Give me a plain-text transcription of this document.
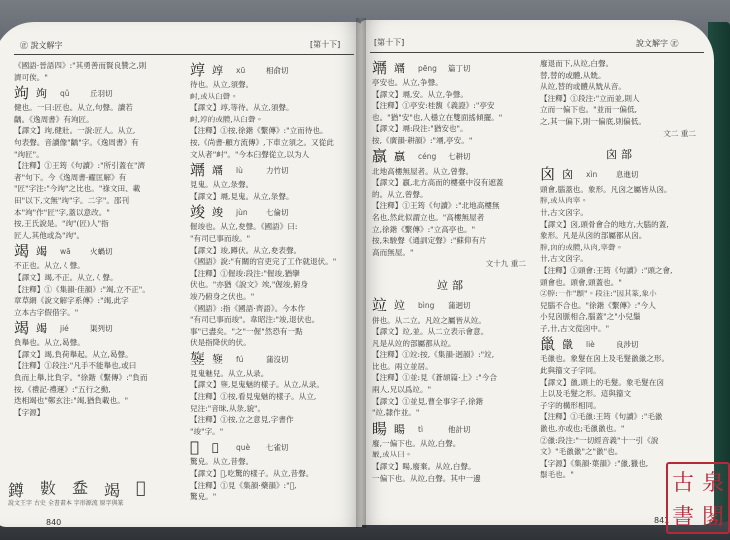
㊣ 說文解字	[第十下]

《國語·晉語四》:"其勇善而賢良贊之,則

濟可俟。"

竘 竘	qǔ	丘羽切

健也。一曰:匠也。从立,句聲。讀若

齲。《逸周書》有竘匠。

【譯文】竘,健壯。一說:匠人。从立,

句表聲。音讀像"齲"字。《逸周書》有

"竘匠"。

【注釋】①王筠《句讀》:"所引蓋在"濟

者"句下。今《逸周書·糴匡解》有

"匠"字注:"今竘"之比也。"祿文田、載

田"以下,文無"竘"字。二字"。邵刊

本"竘"作"匠"字,蓋以意改。"

按,王氏說是。"竘"(匠)人"指

匠人,其他或為"竘"。

竭 竭	wā	火蝸切

不正也。从立,𡿨聲。

【譯文】竭,不正。从立,𡿨聲。

【注釋】①《集韻·佳韻》:"竭,立不正"。

章草網《說文解字系傳》:"竭,此字

立本古字假借字。"

竭 竭	jié	渠列切

負舉也。从立,曷聲。

【譯文】竭,負荷舉起。从立,曷聲。

【注釋】①段注:"凡手不能舉也,或曰

負而上舉,比負字。"徐鍇《繫傳》:"負而

按,《禮記·禮運》:"五行之動,

迭相竭也"鄭玄注:"竭,猶負載也。"

【字源】

䇏 䇏	xū	相俞切

待也。从立,須聲。

𡬪,或从𦥑聲。

【譯文】䇏,等待。从立,須聲。

𡬪,䇏的或體,从𦥑聲。

【注釋】①按,徐鍇《繫傳》:"立而待也。

按,《尚書·顧方流傳》,下車立須之。又從此

文从者"𡬪"。"今本𦥑聲從立,以为人

竵 竵	lù	力竹切

見鬼。从立,彔聲。

【譯文】竵,見鬼。从立,彔聲。

竣 竣	jùn	七倫切

偓竣也。从立,夋聲。《國語》曰:

"有司已事而竣。"

【譯文】竣,蹲伏。从立,夋表聲。

《國語》說:"有關的官吏完了工作就退伏。"

【注釋】①偓竣:段注:"偓竣,猶攣

伏也。"亦猶《說文》竢,"偓竣,俯身

竣乃俯身之伏也。"

《國語》:指《國語·齊語》。今本作

"有司已事而竣"。韋昭注:"竣,退伏也。

事"已盡矣。"之"一偓"然恐有一點

伏是指降伏的伏。

𥪱 𥪱	fú	蒲沒切

見鬼魅兒。从立,从录。

【譯文】𥪱,見鬼魅的樣子。从立,从录。

【注釋】①按,看見鬼魅的樣子。从立,

兒注:"音昧,从彔,貌"。

【注釋】①按,立之意見,字書作

"竣"字。"

𥪸	𥪸	què	七雀切

驚皃。从立,昔聲。

【譯文】𥪸,吃驚的樣子。从立,昔聲。

【注釋】①見《集韻·藥韻》:"𥪸,

驚皃。"

鐏 𢿙 𥁢 竭 𥪸
說文王字 古史 全書畫本 字形源流 原字與篆
840
[第十下]	說文解字 ㊣
竵 竵	pēng	篇丁切

亭安也。从立,争聲。

【譯文】竵,安。从立,争聲。

【注釋】①亭安:桂馥《義證》:"亭安

也。"猶"安"也,人穩立在雙面搖傾擺。"

【譯文】竵:段注:"猶安也"。

按,《廣韻·耕韻》:"竵,亭安。"

䇔 䇔	céng	七耕切

北地高樓無屋者。从立,曾聲。

【譯文】䇔,北方高而的樓臺中沒有遮蓋

的。从立,曾聲。

【注釋】①王筠《句讀》:"北地高樓無

名也,然此似謂立也。"高樓無屋者

立,徐鍇《繫傳》:"立高亭也。"

按,朱駿聲《通訓定聲》:"蘇仰有片

高而無屋。"

文十九 重二

竝部
竝 竝	bìng	蒲迥切

併也。从二立。凡竝之屬皆从竝。

【譯文】竝,並。从二立表示會意。

凡是从竝的部屬都从竝。

【注釋】①竝:按,《集韻·迥韻》:"竝,

比也。兩立並居。

【注釋】①並:見《蒼頡篇·上》:"今合

兩人,兄以爲竝。"

【譯文】①並見,曹全事字子,徐鍇

"竝,隸作並。"

䁑 䁑	tì	他計切

廢,一偏下也。从竝,白聲。

𠪚,或从曰。

【譯文】䁑,廢棄。从竝,白聲。

一偏下也。从竝,白聲。其中一邊

廢退而下,从竝,白聲。

替,替的或體,从兟。

从竝,替的或體从兟从音。

【注釋】①段注:"立而並,則人

立而一偏下也。"並而一偏低,

之,其一偏下,則一偏底,則偏低。

文二 重二

囟部
囟 囟	xìn	息進切

頭會,腦蓋也。象形。凡囟之屬皆从囟。

𦞤,或从肉宰。

卄,古文囟字。

【譯文】囟,頭骨會合的地方,大腦的蓋,

象形。凡是从囟的部屬都从囟。

𦞤,囟的或體,从肉,宰聲。

卄,古文囟字。

【注釋】①頭會:王筠《句讀》:"頭之會,

頭會也。頭會,頭蓋也。"

②𦞤:一作"顖"。段注:"因其篆,象小

兒腦不合也。"徐鍇《繫傳》:"今人

小兒囟脈相合,腦蓋"之"小兒鬚

子,卄,古文從囟中。"

巤 巤	liè	良涉切

毛巤也。象髮在囟上及毛髮巤巤之形。

此與籀文子字同。

【譯文】巤,頭上的毛髮。象毛髮在囟

上以及毛髮之形。這與籀文

子字的構形相同。

【注釋】①毛巤:王筠《句讀》:"毛巤

巤也,亦或也;毛巤巤也。"

②巤:段注:"一切經音義"十一引《說

文》"毛巤巤"之"巤"也。

【字源】《集韻·葉韻》:"巤,獵也,

鬃毛也。"

841
古 泉
書 閣
